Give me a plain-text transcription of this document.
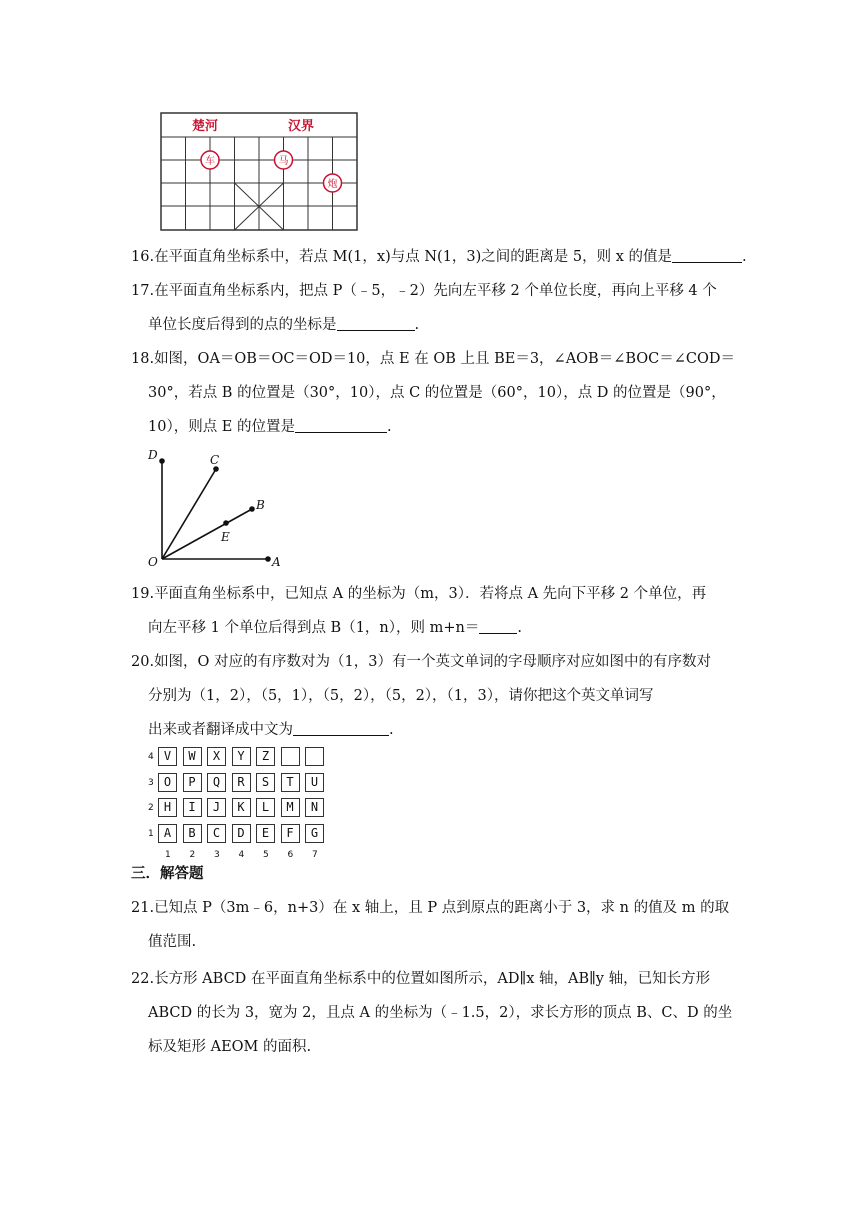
楚河	汉界
车	马
炮
16.在平面直角坐标系中，若点 M(1，x)与点 N(1，3)之间的距离是 5，则 x 的值是	.
17.在平面直角坐标系内，把点 P（﹣5，﹣2）先向左平移 2 个单位长度，再向上平移 4 个
单位长度后得到的点的坐标是	.
18.如图，OA＝OB＝OC＝OD＝10，点 E 在 OB 上且 BE＝3，∠AOB＝∠BOC＝∠COD＝
30°，若点 B 的位置是（30°，10），点 C 的位置是（60°，10），点 D 的位置是（90°，
10），则点 E 的位置是	.
D	C
B
E
O	A
19.平面直角坐标系中，已知点 A 的坐标为（m，3）．若将点 A 先向下平移 2 个单位，再
向左平移 1 个单位后得到点 B（1，n），则 m+n＝	.
20.如图，O 对应的有序数对为（1，3）有一个英文单词的字母顺序对应如图中的有序数对
分别为（1，2），（5，1），（5，2），（5，2），（1，3），请你把这个英文单词写
出来或者翻译成中文为	.
4 V	W	X	Y	Z
3 O	P	Q	R	S	T	U
2 H	I	J	K	L	M	N
1 A	B	C	D	E	F	G
1 2 3 4 5 6 7
三．解答题
21.已知点 P（3m﹣6，n+3）在 x 轴上，且 P 点到原点的距离小于 3，求 n 的值及 m 的取
值范围.
22.长方形 ABCD 在平面直角坐标系中的位置如图所示，AD∥x 轴，AB∥y 轴，已知长方形
ABCD 的长为 3，宽为 2，且点 A 的坐标为（﹣1.5，2），求长方形的顶点 B、C、D 的坐
标及矩形 AEOM 的面积.
